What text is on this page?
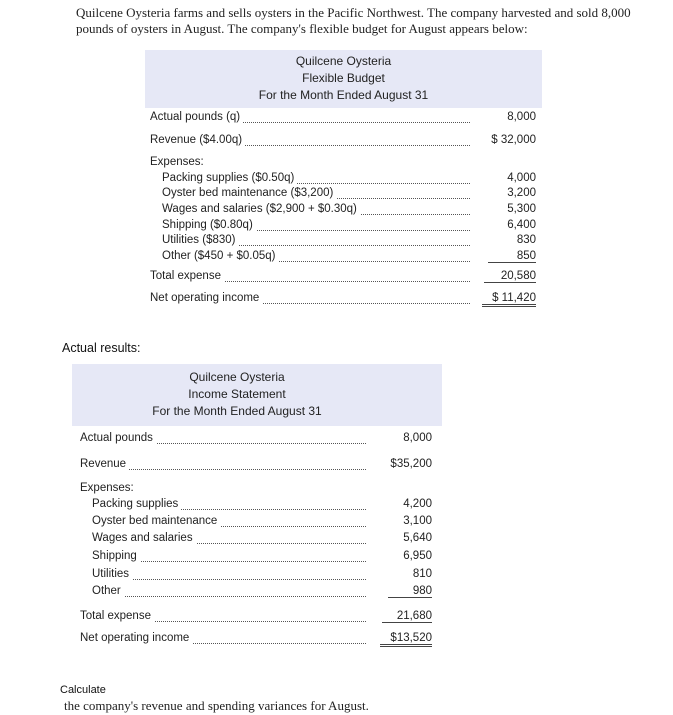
Quilcene Oysteria farms and sells oysters in the Pacific Northwest. The company harvested and sold 8,000 pounds of oysters in August. The company's flexible budget for August appears below:
Quilcene Oysteria
Flexible Budget
For the Month Ended August 31
Actual pounds (q)	8,000
Revenue ($4.00q)	$ 32,000
Expenses:
Packing supplies ($0.50q)	4,000
Oyster bed maintenance ($3,200)	3,200
Wages and salaries ($2,900 + $0.30q)	5,300
Shipping ($0.80q)	6,400
Utilities ($830)	830
Other ($450 + $0.05q)	850
Total expense	20,580
Net operating income	$ 11,420
Actual results:
Quilcene Oysteria
Income Statement
For the Month Ended August 31
Actual pounds	8,000
Revenue	$35,200
Expenses:
Packing supplies	4,200
Oyster bed maintenance	3,100
Wages and salaries	5,640
Shipping	6,950
Utilities	810
Other	980
Total expense	21,680
Net operating income	$13,520
Calculate
the company's revenue and spending variances for August.
